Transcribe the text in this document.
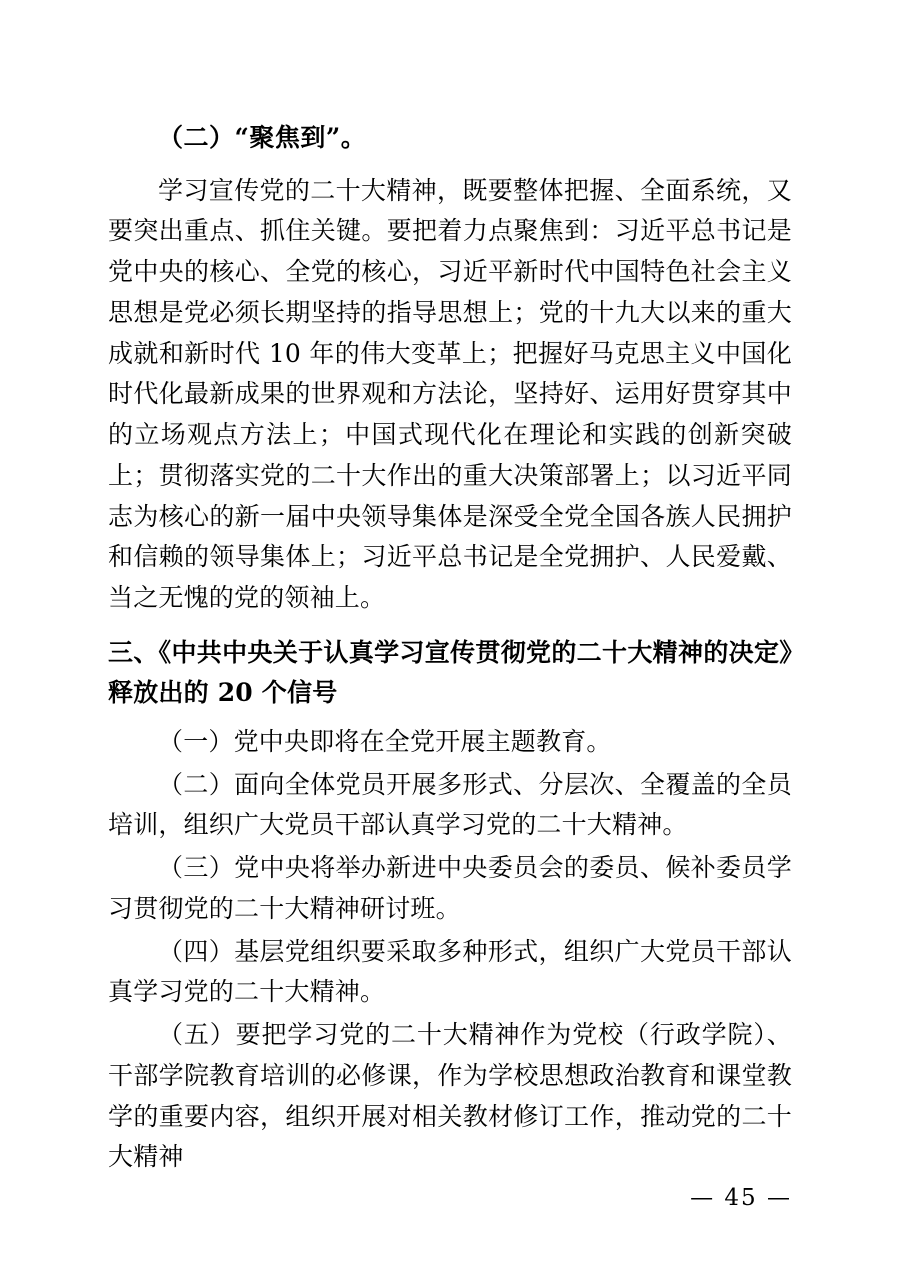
（二）“聚焦到”。

学习宣传党的二十大精神，既要整体把握、全面系统，又要突出重点、抓住关键。要把着力点聚焦到：习近平总书记是党中央的核心、全党的核心，习近平新时代中国特色社会主义思想是党必须长期坚持的指导思想上；党的十九大以来的重大成就和新时代 10 年的伟大变革上；把握好马克思主义中国化时代化最新成果的世界观和方法论，坚持好、运用好贯穿其中的立场观点方法上；中国式现代化在理论和实践的创新突破上；贯彻落实党的二十大作出的重大决策部署上；以习近平同志为核心的新一届中央领导集体是深受全党全国各族人民拥护和信赖的领导集体上；习近平总书记是全党拥护、人民爱戴、当之无愧的党的领袖上。

三、《中共中央关于认真学习宣传贯彻党的二十大精神的决定》释放出的 20 个信号

（一）党中央即将在全党开展主题教育。

（二）面向全体党员开展多形式、分层次、全覆盖的全员培训，组织广大党员干部认真学习党的二十大精神。

（三）党中央将举办新进中央委员会的委员、候补委员学习贯彻党的二十大精神研讨班。

（四）基层党组织要采取多种形式，组织广大党员干部认真学习党的二十大精神。

（五）要把学习党的二十大精神作为党校（行政学院）、干部学院教育培训的必修课，作为学校思想政治教育和课堂教学的重要内容，组织开展对相关教材修订工作，推动党的二十大精神

— 45 —
